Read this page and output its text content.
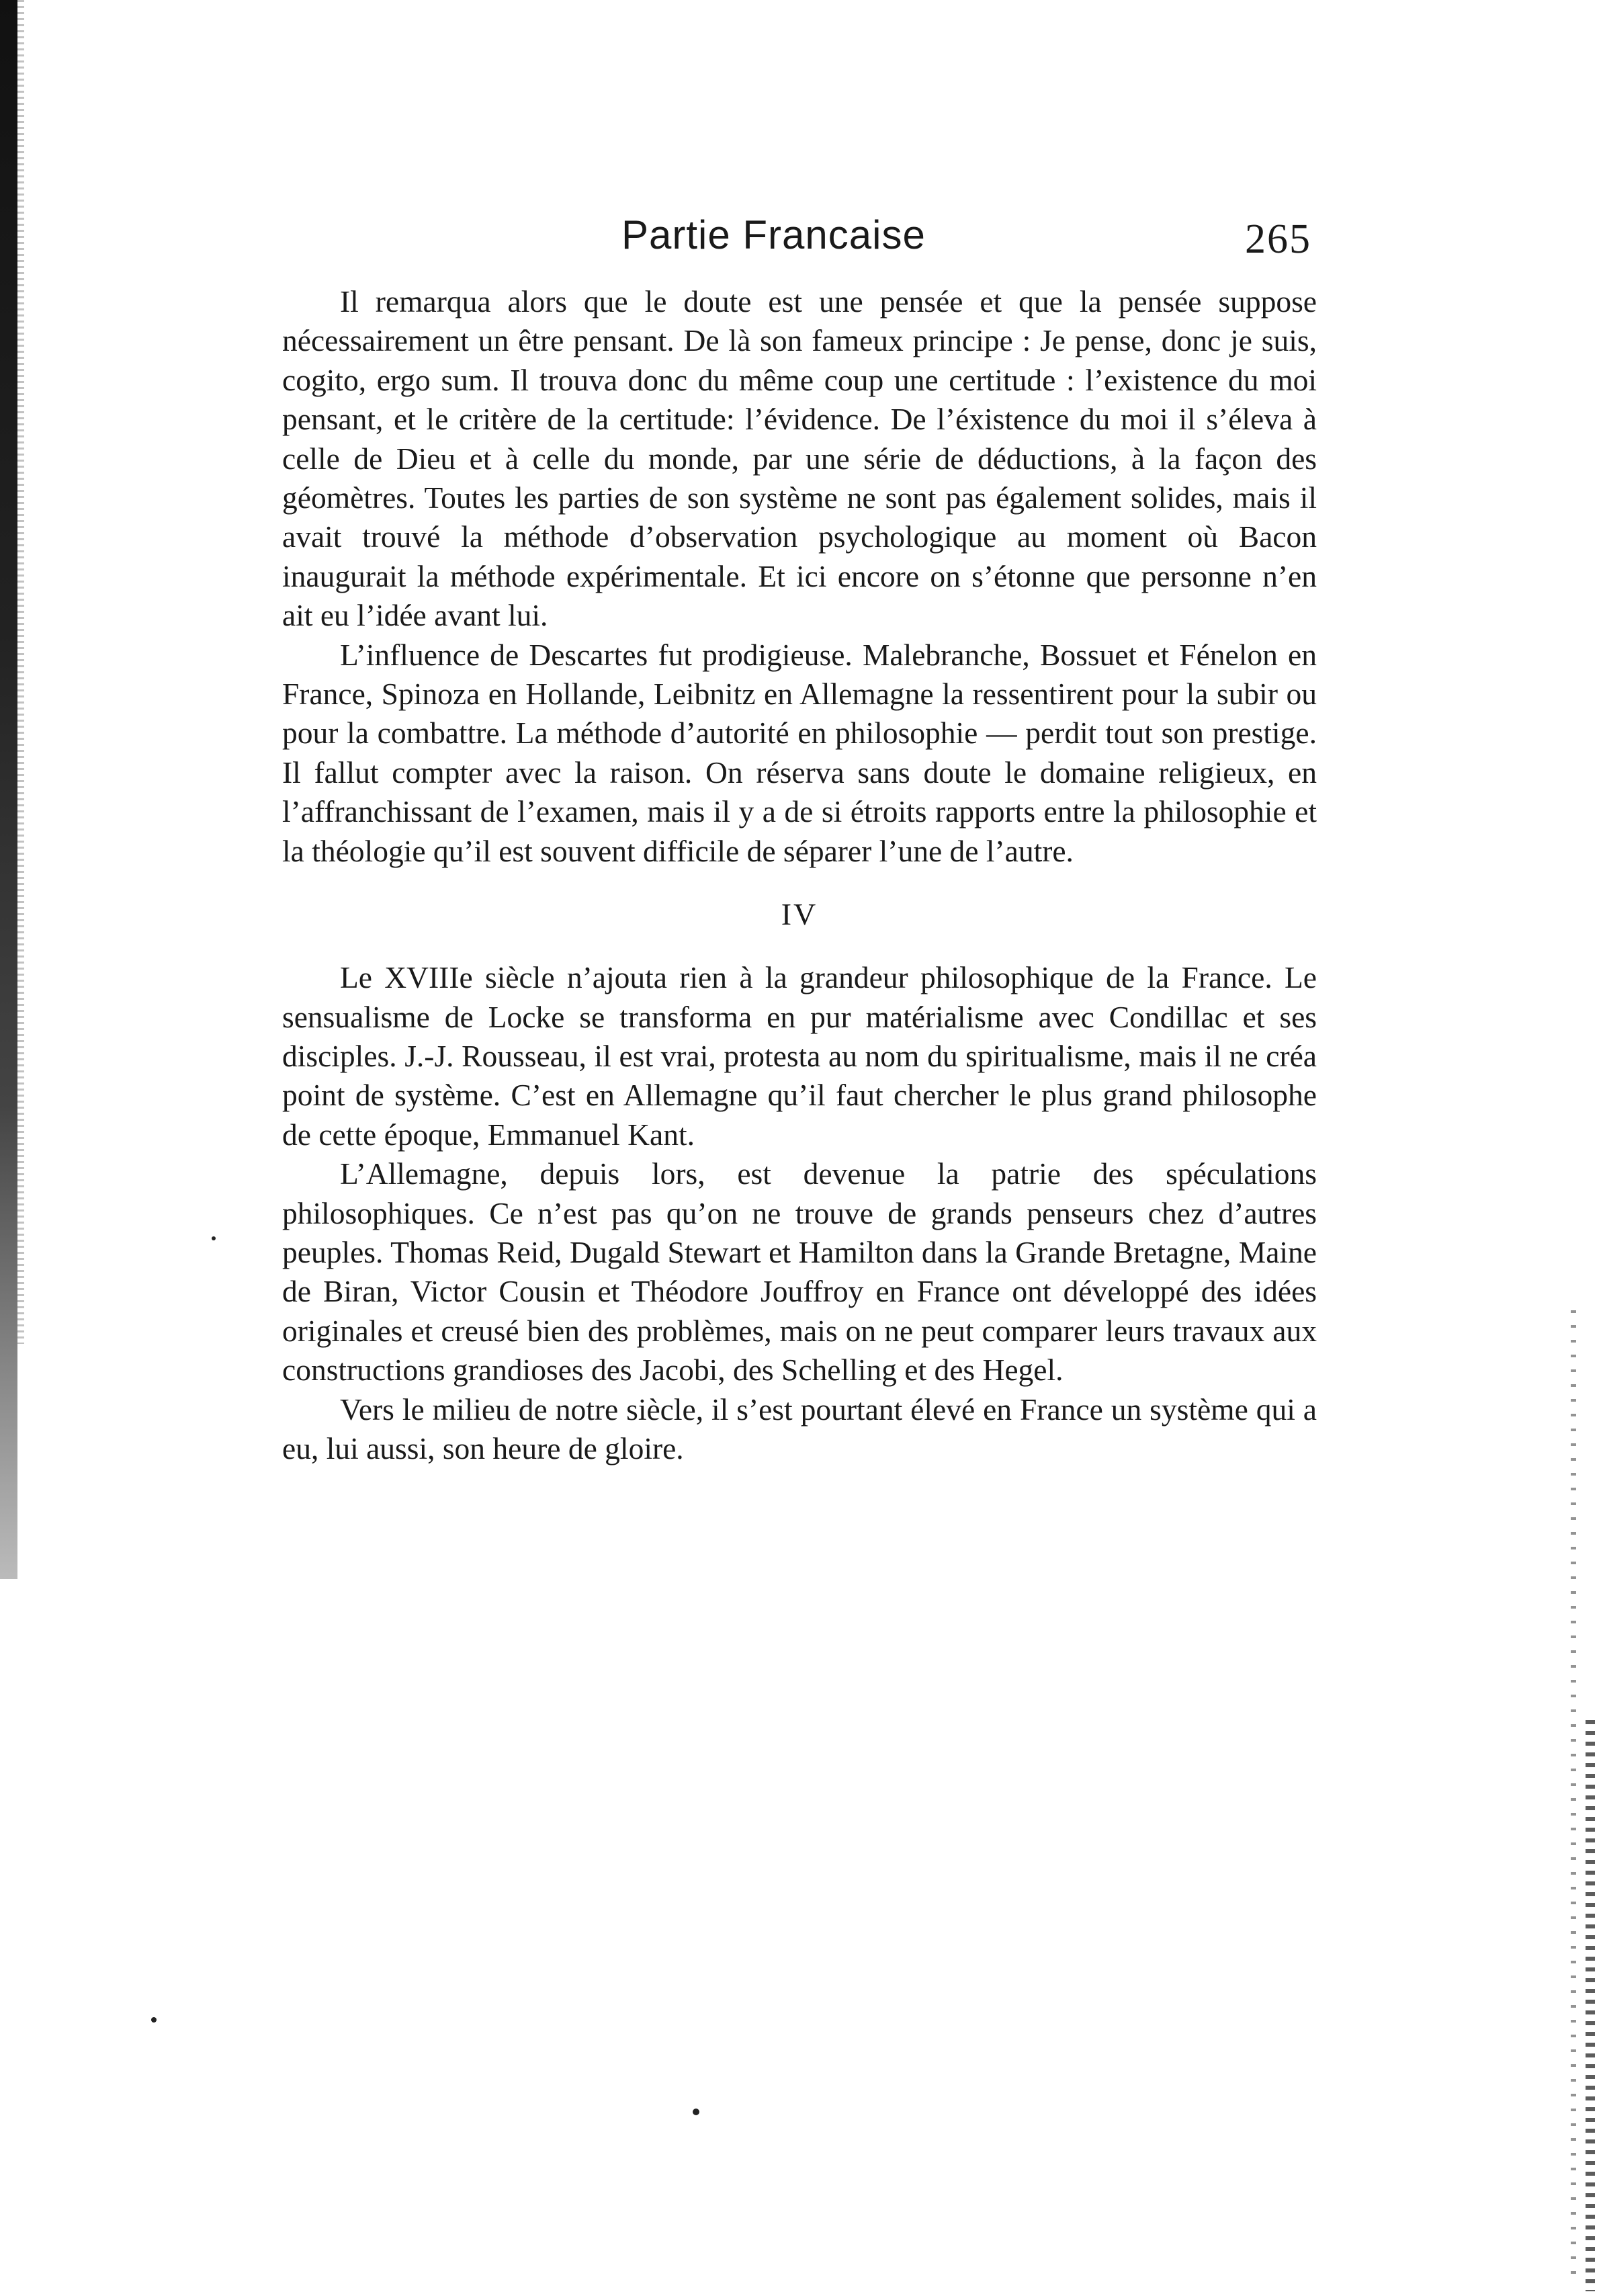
Partie Francaise	265

Il remarqua alors que le doute est une pensée et que la pensée suppose nécessairement un être pensant. De là son fameux principe : Je pense, donc je suis, cogito, ergo sum. Il trouva donc du même coup une certitude : l’existence du moi pensant, et le critère de la certitude: l’évidence. De l’éxistence du moi il s’éleva à celle de Dieu et à celle du monde, par une série de déductions, à la façon des géomètres. Toutes les parties de son système ne sont pas également solides, mais il avait trouvé la méthode d’observation psychologique au moment où Bacon inaugurait la méthode expérimentale. Et ici encore on s’étonne que personne n’en ait eu l’idée avant lui.

L’influence de Descartes fut prodigieuse. Malebranche, Bossuet et Fénelon en France, Spinoza en Hollande, Leibnitz en Allemagne la ressentirent pour la subir ou pour la combattre. La méthode d’autorité en philosophie — perdit tout son prestige. Il fallut compter avec la raison. On réserva sans doute le domaine religieux, en l’affranchissant de l’examen, mais il y a de si étroits rapports entre la philosophie et la théologie qu’il est souvent difficile de séparer l’une de l’autre.

IV

Le XVIIIe siècle n’ajouta rien à la grandeur philosophique de la France. Le sensualisme de Locke se transforma en pur matérialisme avec Condillac et ses disciples. J.-J. Rousseau, il est vrai, protesta au nom du spiritualisme, mais il ne créa point de système. C’est en Allemagne qu’il faut chercher le plus grand philosophe de cette époque, Emmanuel Kant.

L’Allemagne, depuis lors, est devenue la patrie des spéculations philosophiques. Ce n’est pas qu’on ne trouve de grands penseurs chez d’autres peuples. Thomas Reid, Dugald Stewart et Hamilton dans la Grande Bretagne, Maine de Biran, Victor Cousin et Théodore Jouffroy en France ont développé des idées originales et creusé bien des problèmes, mais on ne peut comparer leurs travaux aux constructions grandioses des Jacobi, des Schelling et des Hegel.

Vers le milieu de notre siècle, il s’est pourtant élevé en France un système qui a eu, lui aussi, son heure de gloire.
